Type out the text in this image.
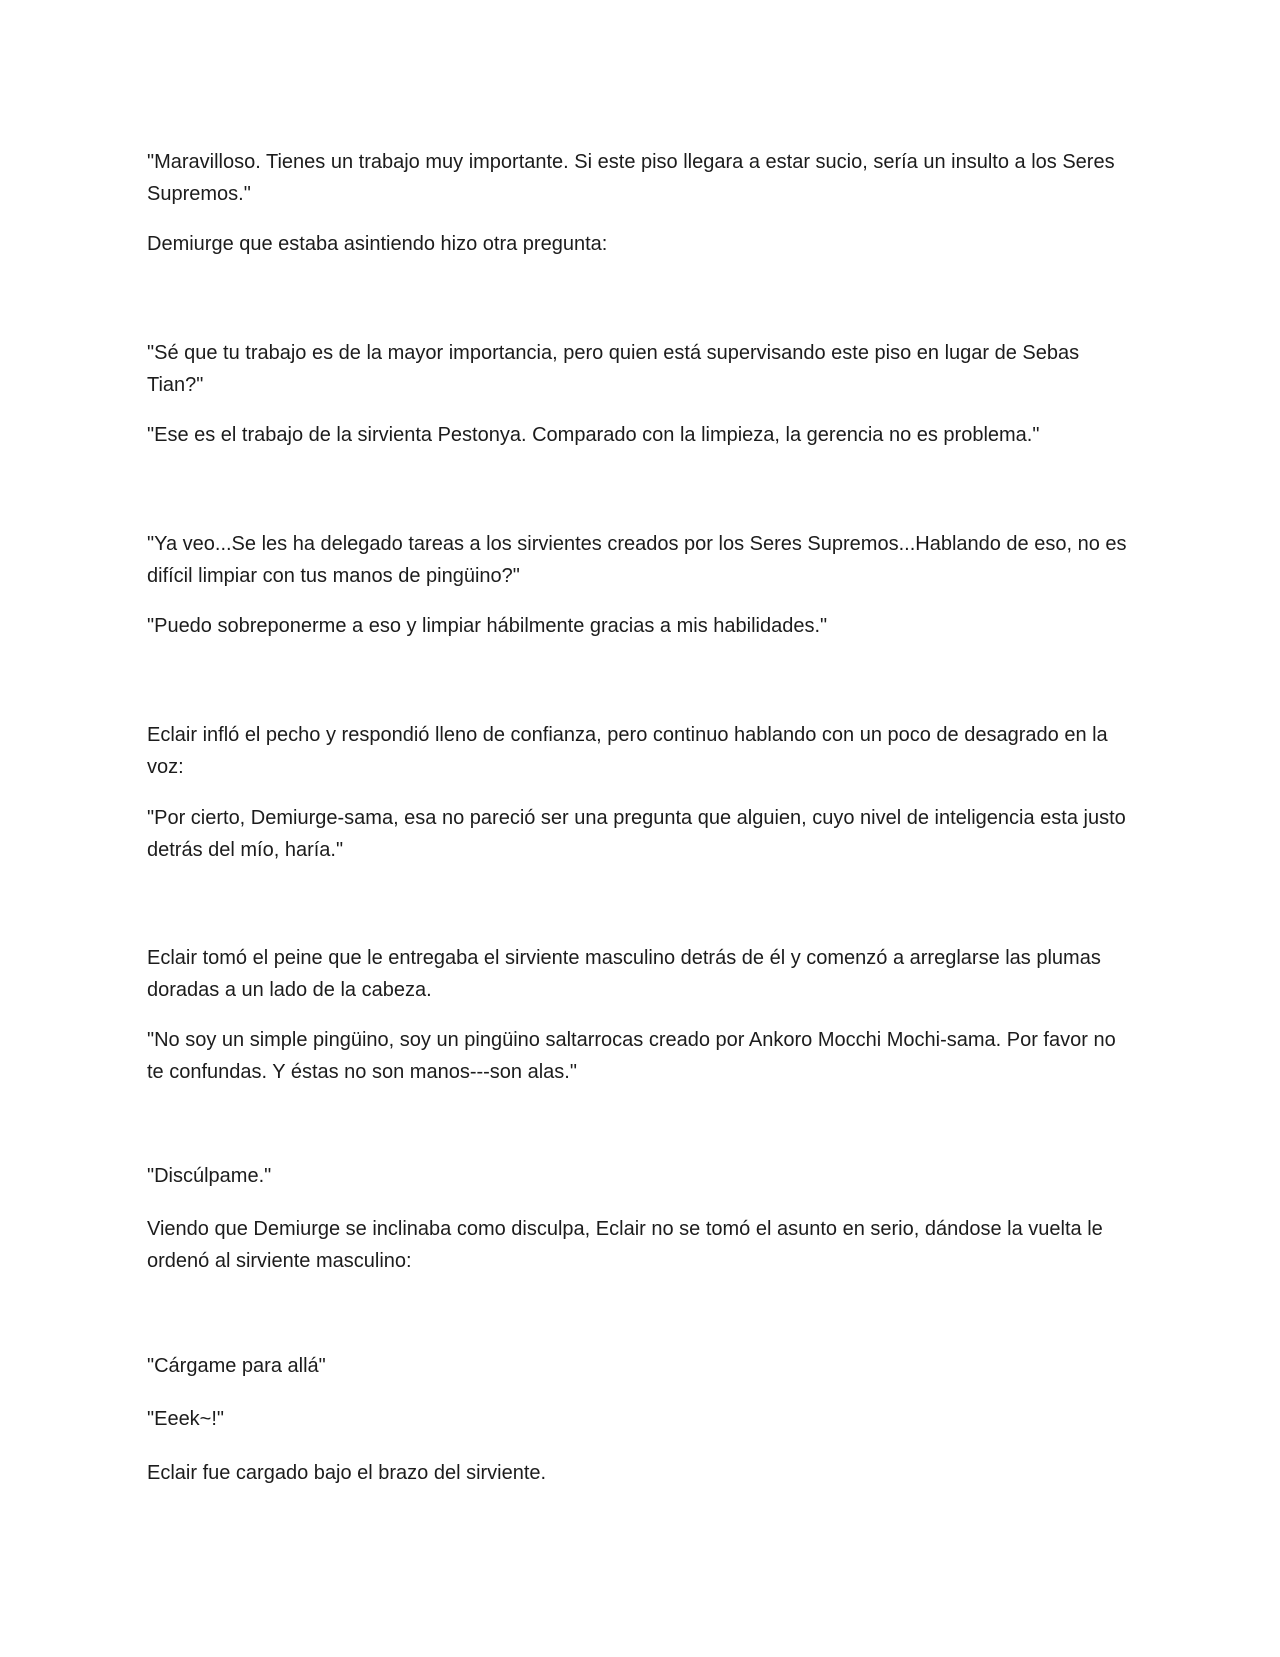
"Maravilloso. Tienes un trabajo muy importante. Si este piso llegara a estar sucio, sería un insulto a los Seres Supremos."

Demiurge que estaba asintiendo hizo otra pregunta:

"Sé que tu trabajo es de la mayor importancia, pero quien está supervisando este piso en lugar de Sebas Tian?"

"Ese es el trabajo de la sirvienta Pestonya. Comparado con la limpieza, la gerencia no es problema."

"Ya veo...Se les ha delegado tareas a los sirvientes creados por los Seres Supremos...Hablando de eso, no es difícil limpiar con tus manos de pingüino?"

"Puedo sobreponerme a eso y limpiar hábilmente gracias a mis habilidades."

Eclair infló el pecho y respondió lleno de confianza, pero continuo hablando con un poco de desagrado en la voz:

"Por cierto, Demiurge-sama, esa no pareció ser una pregunta que alguien, cuyo nivel de inteligencia esta justo detrás del mío, haría."

Eclair tomó el peine que le entregaba el sirviente masculino detrás de él y comenzó a arreglarse las plumas doradas a un lado de la cabeza.

"No soy un simple pingüino, soy un pingüino saltarrocas creado por Ankoro Mocchi Mochi-sama. Por favor no te confundas. Y éstas no son manos---son alas."

"Discúlpame."

Viendo que Demiurge se inclinaba como disculpa, Eclair no se tomó el asunto en serio, dándose la vuelta le ordenó al sirviente masculino:

"Cárgame para allá"

"Eeek~!"

Eclair fue cargado bajo el brazo del sirviente.
